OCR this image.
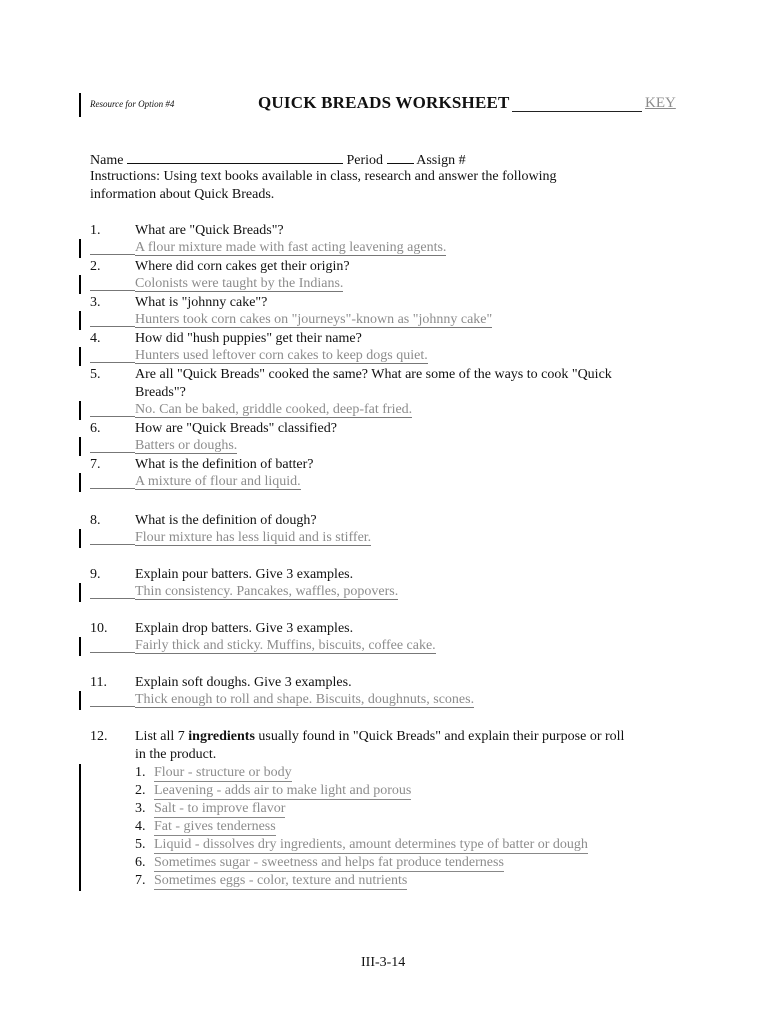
Resource for Option #4	QUICK BREADS WORKSHEET	KEY
Name	Period Assign #
Instructions: Using text books available in class, research and answer the following
information about Quick Breads.
1. What are "Quick Breads"?
A flour mixture made with fast acting leavening agents.
2. Where did corn cakes get their origin?
Colonists were taught by the Indians.
3. What is "johnny cake"?
Hunters took corn cakes on "journeys"-known as "johnny cake"
4. How did "hush puppies" get their name?
Hunters used leftover corn cakes to keep dogs quiet.
5. Are all "Quick Breads" cooked the same? What are some of the ways to cook "Quick
Breads"?
No. Can be baked, griddle cooked, deep-fat fried.
6. How are "Quick Breads" classified?
Batters or doughs.
7. What is the definition of batter?
A mixture of flour and liquid.
8. What is the definition of dough?
Flour mixture has less liquid and is stiffer.
9. Explain pour batters. Give 3 examples.
Thin consistency. Pancakes, waffles, popovers.
10. Explain drop batters. Give 3 examples.
Fairly thick and sticky. Muffins, biscuits, coffee cake.
11. Explain soft doughs. Give 3 examples.
Thick enough to roll and shape. Biscuits, doughnuts, scones.
12. List all 7 ingredients usually found in "Quick Breads" and explain their purpose or roll
in the product.
1. Flour - structure or body
2. Leavening - adds air to make light and porous
3. Salt - to improve flavor
4. Fat - gives tenderness
5. Liquid - dissolves dry ingredients, amount determines type of batter or dough
6. Sometimes sugar - sweetness and helps fat produce tenderness
7. Sometimes eggs - color, texture and nutrients
III-3-14
